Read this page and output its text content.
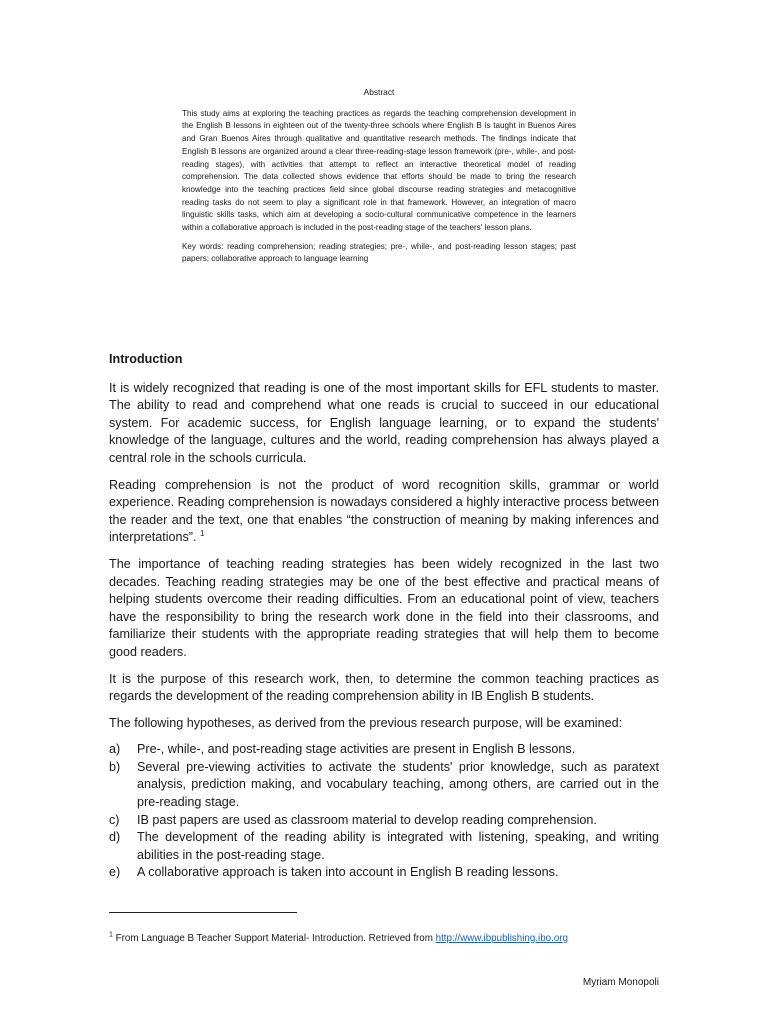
Abstract

This study aims at exploring the teaching practices as regards the teaching comprehension development in the English B lessons in eighteen out of the twenty-three schools where English B is taught in Buenos Aires and Gran Buenos Aires through qualitative and quantitative research methods. The findings indicate that English B lessons are organized around a clear three-reading-stage lesson framework (pre-, while-, and post-reading stages), with activities that attempt to reflect an interactive theoretical model of reading comprehension. The data collected shows evidence that efforts should be made to bring the research knowledge into the teaching practices field since global discourse reading strategies and metacognitive reading tasks do not seem to play a significant role in that framework. However, an integration of macro linguistic skills tasks, which aim at developing a socio-cultural communicative competence in the learners within a collaborative approach is included in the post-reading stage of the teachers' lesson plans.

Key words: reading comprehension; reading strategies; pre-, while-, and post-reading lesson stages; past papers; collaborative approach to language learning

Introduction

It is widely recognized that reading is one of the most important skills for EFL students to master. The ability to read and comprehend what one reads is crucial to succeed in our educational system. For academic success, for English language learning, or to expand the students' knowledge of the language, cultures and the world, reading comprehension has always played a central role in the schools curricula.

Reading comprehension is not the product of word recognition skills, grammar or world experience. Reading comprehension is nowadays considered a highly interactive process between the reader and the text, one that enables “the construction of meaning by making inferences and interpretations”. $^1$

The importance of teaching reading strategies has been widely recognized in the last two decades. Teaching reading strategies may be one of the best effective and practical means of helping students overcome their reading difficulties. From an educational point of view, teachers have the responsibility to bring the research work done in the field into their classrooms, and familiarize their students with the appropriate reading strategies that will help them to become good readers.

It is the purpose of this research work, then, to determine the common teaching practices as regards the development of the reading comprehension ability in IB English B students.

The following hypotheses, as derived from the previous research purpose, will be examined:

a)	Pre-, while-, and post-reading stage activities are present in English B lessons.
b)	Several pre-viewing activities to activate the students' prior knowledge, such as paratext analysis, prediction making, and vocabulary teaching, among others, are carried out in the pre-reading stage.
c)	IB past papers are used as classroom material to develop reading comprehension.
d)	The development of the reading ability is integrated with listening, speaking, and writing abilities in the post-reading stage.
e)	A collaborative approach is taken into account in English B reading lessons.

$^1$ From Language B Teacher Support Material- Introduction. Retrieved from http://www.ibpublishing.ibo.org

Myriam Monopoli
